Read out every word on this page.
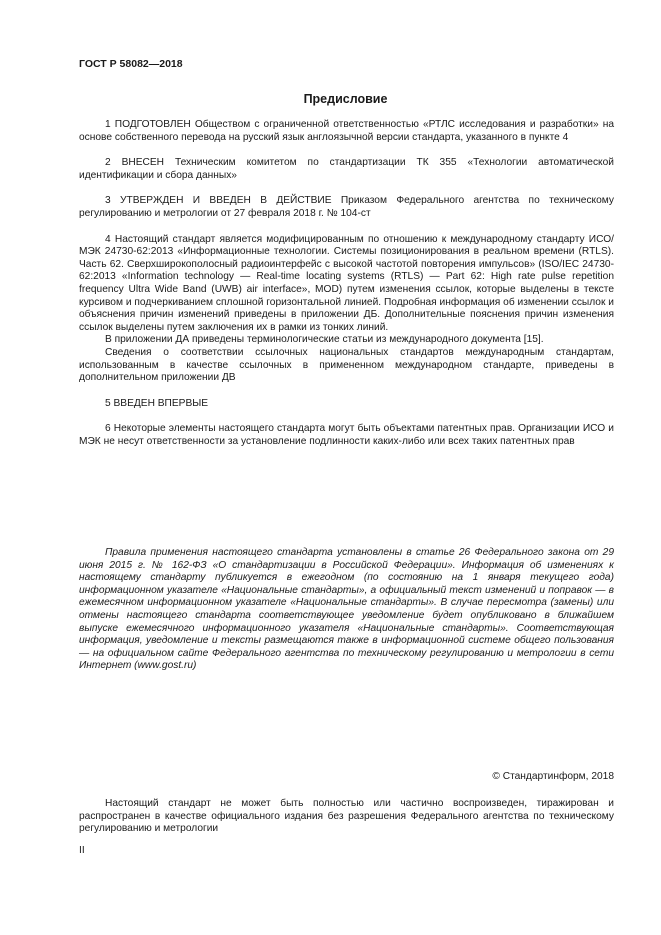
ГОСТ Р 58082—2018
Предисловие

1 ПОДГОТОВЛЕН Обществом с ограниченной ответственностью «РТЛС исследования и разработки» на основе собственного перевода на русский язык англоязычной версии стандарта, указанного в пункте 4

2 ВНЕСЕН Техническим комитетом по стандартизации ТК 355 «Технологии автоматической идентификации и сбора данных»

3 УТВЕРЖДЕН И ВВЕДЕН В ДЕЙСТВИЕ Приказом Федерального агентства по техническому регулированию и метрологии от 27 февраля 2018 г. № 104-ст

4 Настоящий стандарт является модифицированным по отношению к международному стандарту ИСО/МЭК 24730-62:2013 «Информационные технологии. Системы позиционирования в реальном времени (RTLS). Часть 62. Сверхширокополосный радиоинтерфейс с высокой частотой повторения импульсов» (ISO/IEC 24730-62:2013 «Information technology — Real-time locating systems (RTLS) — Part 62: High rate pulse repetition frequency Ultra Wide Band (UWB) air interface», MOD) путем изменения ссылок, которые выделены в тексте курсивом и подчеркиванием сплошной горизонтальной линией. Подробная информация об изменении ссылок и объяснения причин изменений приведены в приложении ДБ. Дополнительные пояснения причин изменения ссылок выделены путем заключения их в рамки из тонких линий.

В приложении ДА приведены терминологические статьи из международного документа [15].

Сведения о соответствии ссылочных национальных стандартов международным стандартам, использованным в качестве ссылочных в примененном международном стандарте, приведены в дополнительном приложении ДВ

5 ВВЕДЕН ВПЕРВЫЕ

6 Некоторые элементы настоящего стандарта могут быть объектами патентных прав. Организации ИСО и МЭК не несут ответственности за установление подлинности каких-либо или всех таких патентных прав

Правила применения настоящего стандарта установлены в статье 26 Федерального закона от 29 июня 2015 г. № 162-ФЗ «О стандартизации в Российской Федерации». Информация об изменениях к настоящему стандарту публикуется в ежегодном (по состоянию на 1 января текущего года) информационном указателе «Национальные стандарты», а официальный текст изменений и поправок — в ежемесячном информационном указателе «Национальные стандарты». В случае пересмотра (замены) или отмены настоящего стандарта соответствующее уведомление будет опубликовано в ближайшем выпуске ежемесячного информационного указателя «Национальные стандарты». Соответствующая информация, уведомление и тексты размещаются также в информационной системе общего пользования — на официальном сайте Федерального агентства по техническому регулированию и метрологии в сети Интернет (www.gost.ru)

© Стандартинформ, 2018

Настоящий стандарт не может быть полностью или частично воспроизведен, тиражирован и распространен в качестве официального издания без разрешения Федерального агентства по техническому регулированию и метрологии

II
